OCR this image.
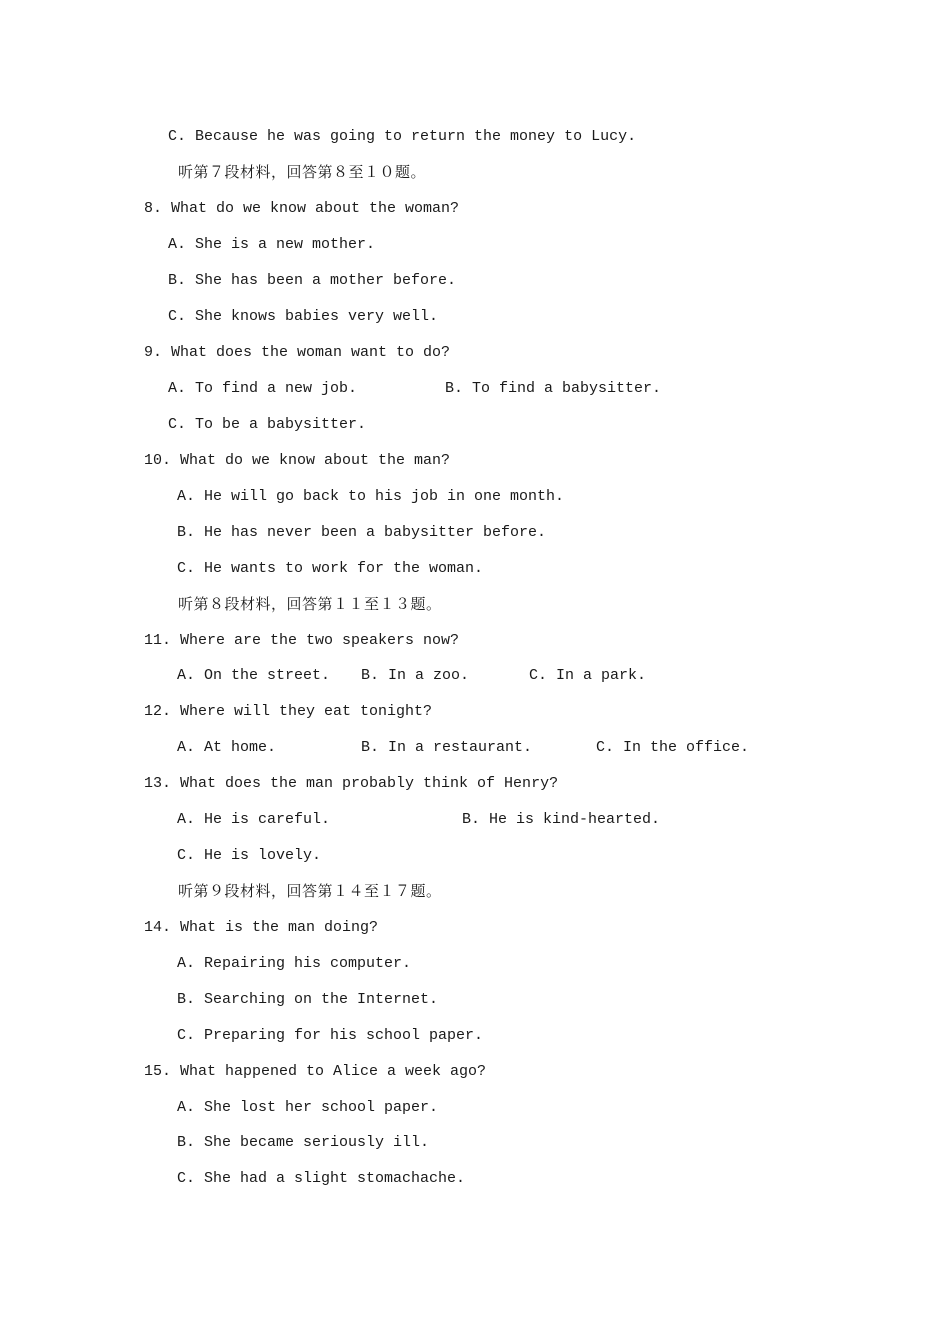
C. Because he was going to return the money to Lucy.
听第７段材料，回答第８至１０题。
8. What do we know about the woman?
A. She is a new mother.
B. She has been a mother before.
C. She knows babies very well.
9. What does the woman want to do?
A. To find a new job.	B. To find a babysitter.
C. To be a babysitter.
10. What do we know about the man?
A. He will go back to his job in one month.
B. He has never been a babysitter before.
C. He wants to work for the woman.
听第８段材料，回答第１１至１３题。
11. Where are the two speakers now?
A. On the street. B. In a zoo.	C. In a park.
12. Where will they eat tonight?
A. At home.	B. In a restaurant.	C. In the office.
13. What does the man probably think of Henry?
A. He is careful.	B. He is kind-hearted.
C. He is lovely.
听第９段材料，回答第１４至１７题。
14. What is the man doing?
A. Repairing his computer.
B. Searching on the Internet.
C. Preparing for his school paper.
15. What happened to Alice a week ago?
A. She lost her school paper.
B. She became seriously ill.
C. She had a slight stomachache.
